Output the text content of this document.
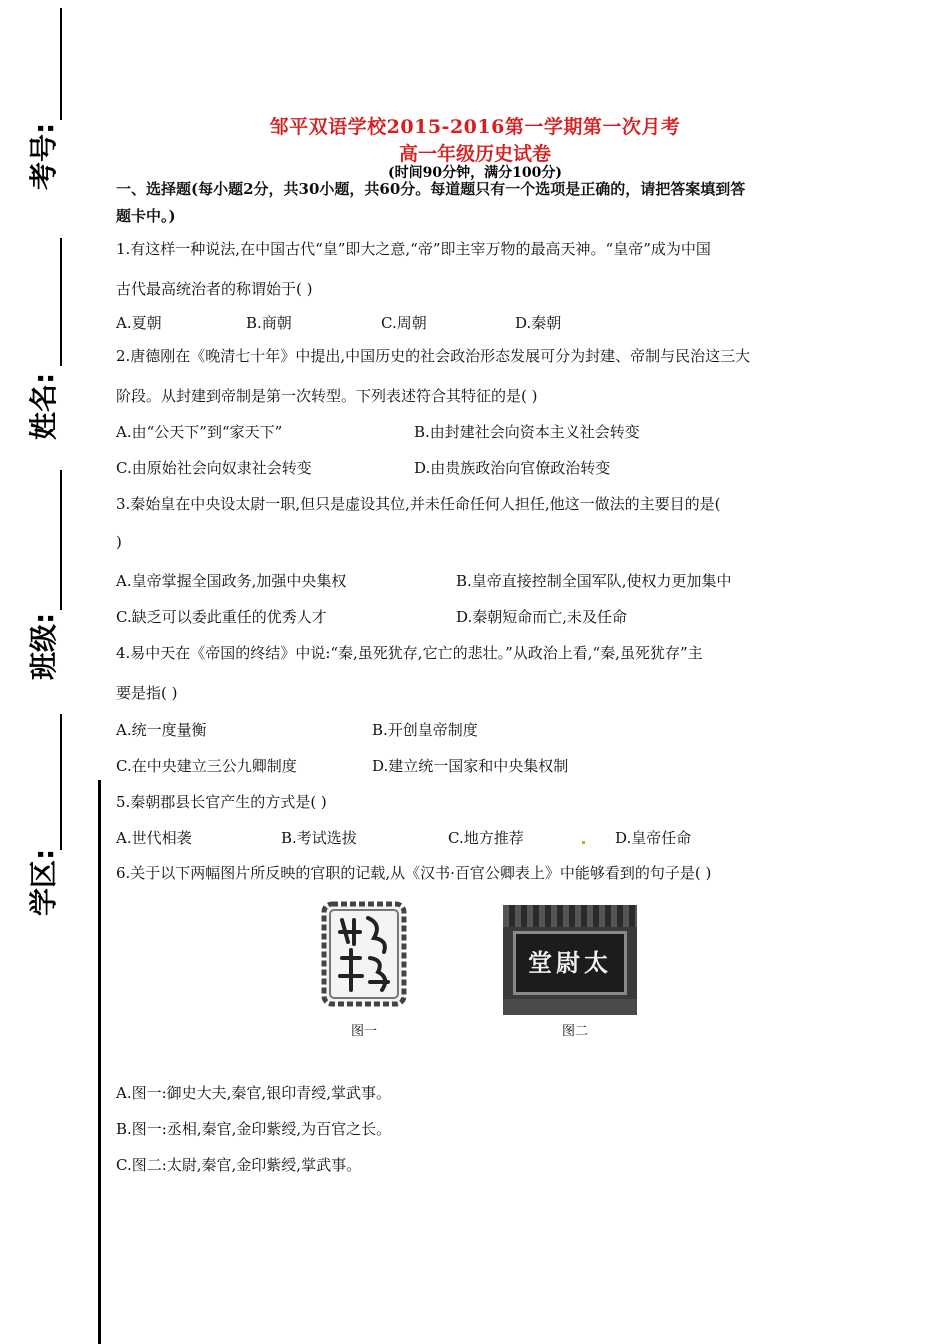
考号:
姓名:
班级:
学区:
邹平双语学校2015-2016第一学期第一次月考
高一年级历史试卷
(时间90分钟，满分100分)
一、选择题(每小题2分，共30小题，共60分。每道题只有一个选项是正确的，请把答案填到答
题卡中。)
1.有这样一种说法,在中国古代“皇”即大之意,“帝”即主宰万物的最高天神。“皇帝”成为中国
古代最高统治者的称谓始于( )
A.夏朝	B.商朝	C.周朝	D.秦朝
2.唐德刚在《晚清七十年》中提出,中国历史的社会政治形态发展可分为封建、帝制与民治这三大
阶段。从封建到帝制是第一次转型。下列表述符合其特征的是( )
A.由“公天下”到“家天下”	B.由封建社会向资本主义社会转变
C.由原始社会向奴隶社会转变	D.由贵族政治向官僚政治转变
3.秦始皇在中央设太尉一职,但只是虚设其位,并未任命任何人担任,他这一做法的主要目的是(
)
A.皇帝掌握全国政务,加强中央集权	B.皇帝直接控制全国军队,使权力更加集中
C.缺乏可以委此重任的优秀人才	D.秦朝短命而亡,未及任命
4.易中天在《帝国的终结》中说:“秦,虽死犹存,它亡的悲壮。”从政治上看,“秦,虽死犹存”主
要是指( )
A.统一度量衡	B.开创皇帝制度
C.在中央建立三公九卿制度	D.建立统一国家和中央集权制
5.秦朝郡县长官产生的方式是( )
A.世代相袭	B.考试选拔	C.地方推荐	D.皇帝任命
6.关于以下两幅图片所反映的官职的记载,从《汉书·百官公卿表上》中能够看到的句子是( )
图一
太尉堂
图二
A.图一:御史大夫,秦官,银印青绶,掌武事。
B.图一:丞相,秦官,金印紫绶,为百官之长。
C.图二:太尉,秦官,金印紫绶,掌武事。
